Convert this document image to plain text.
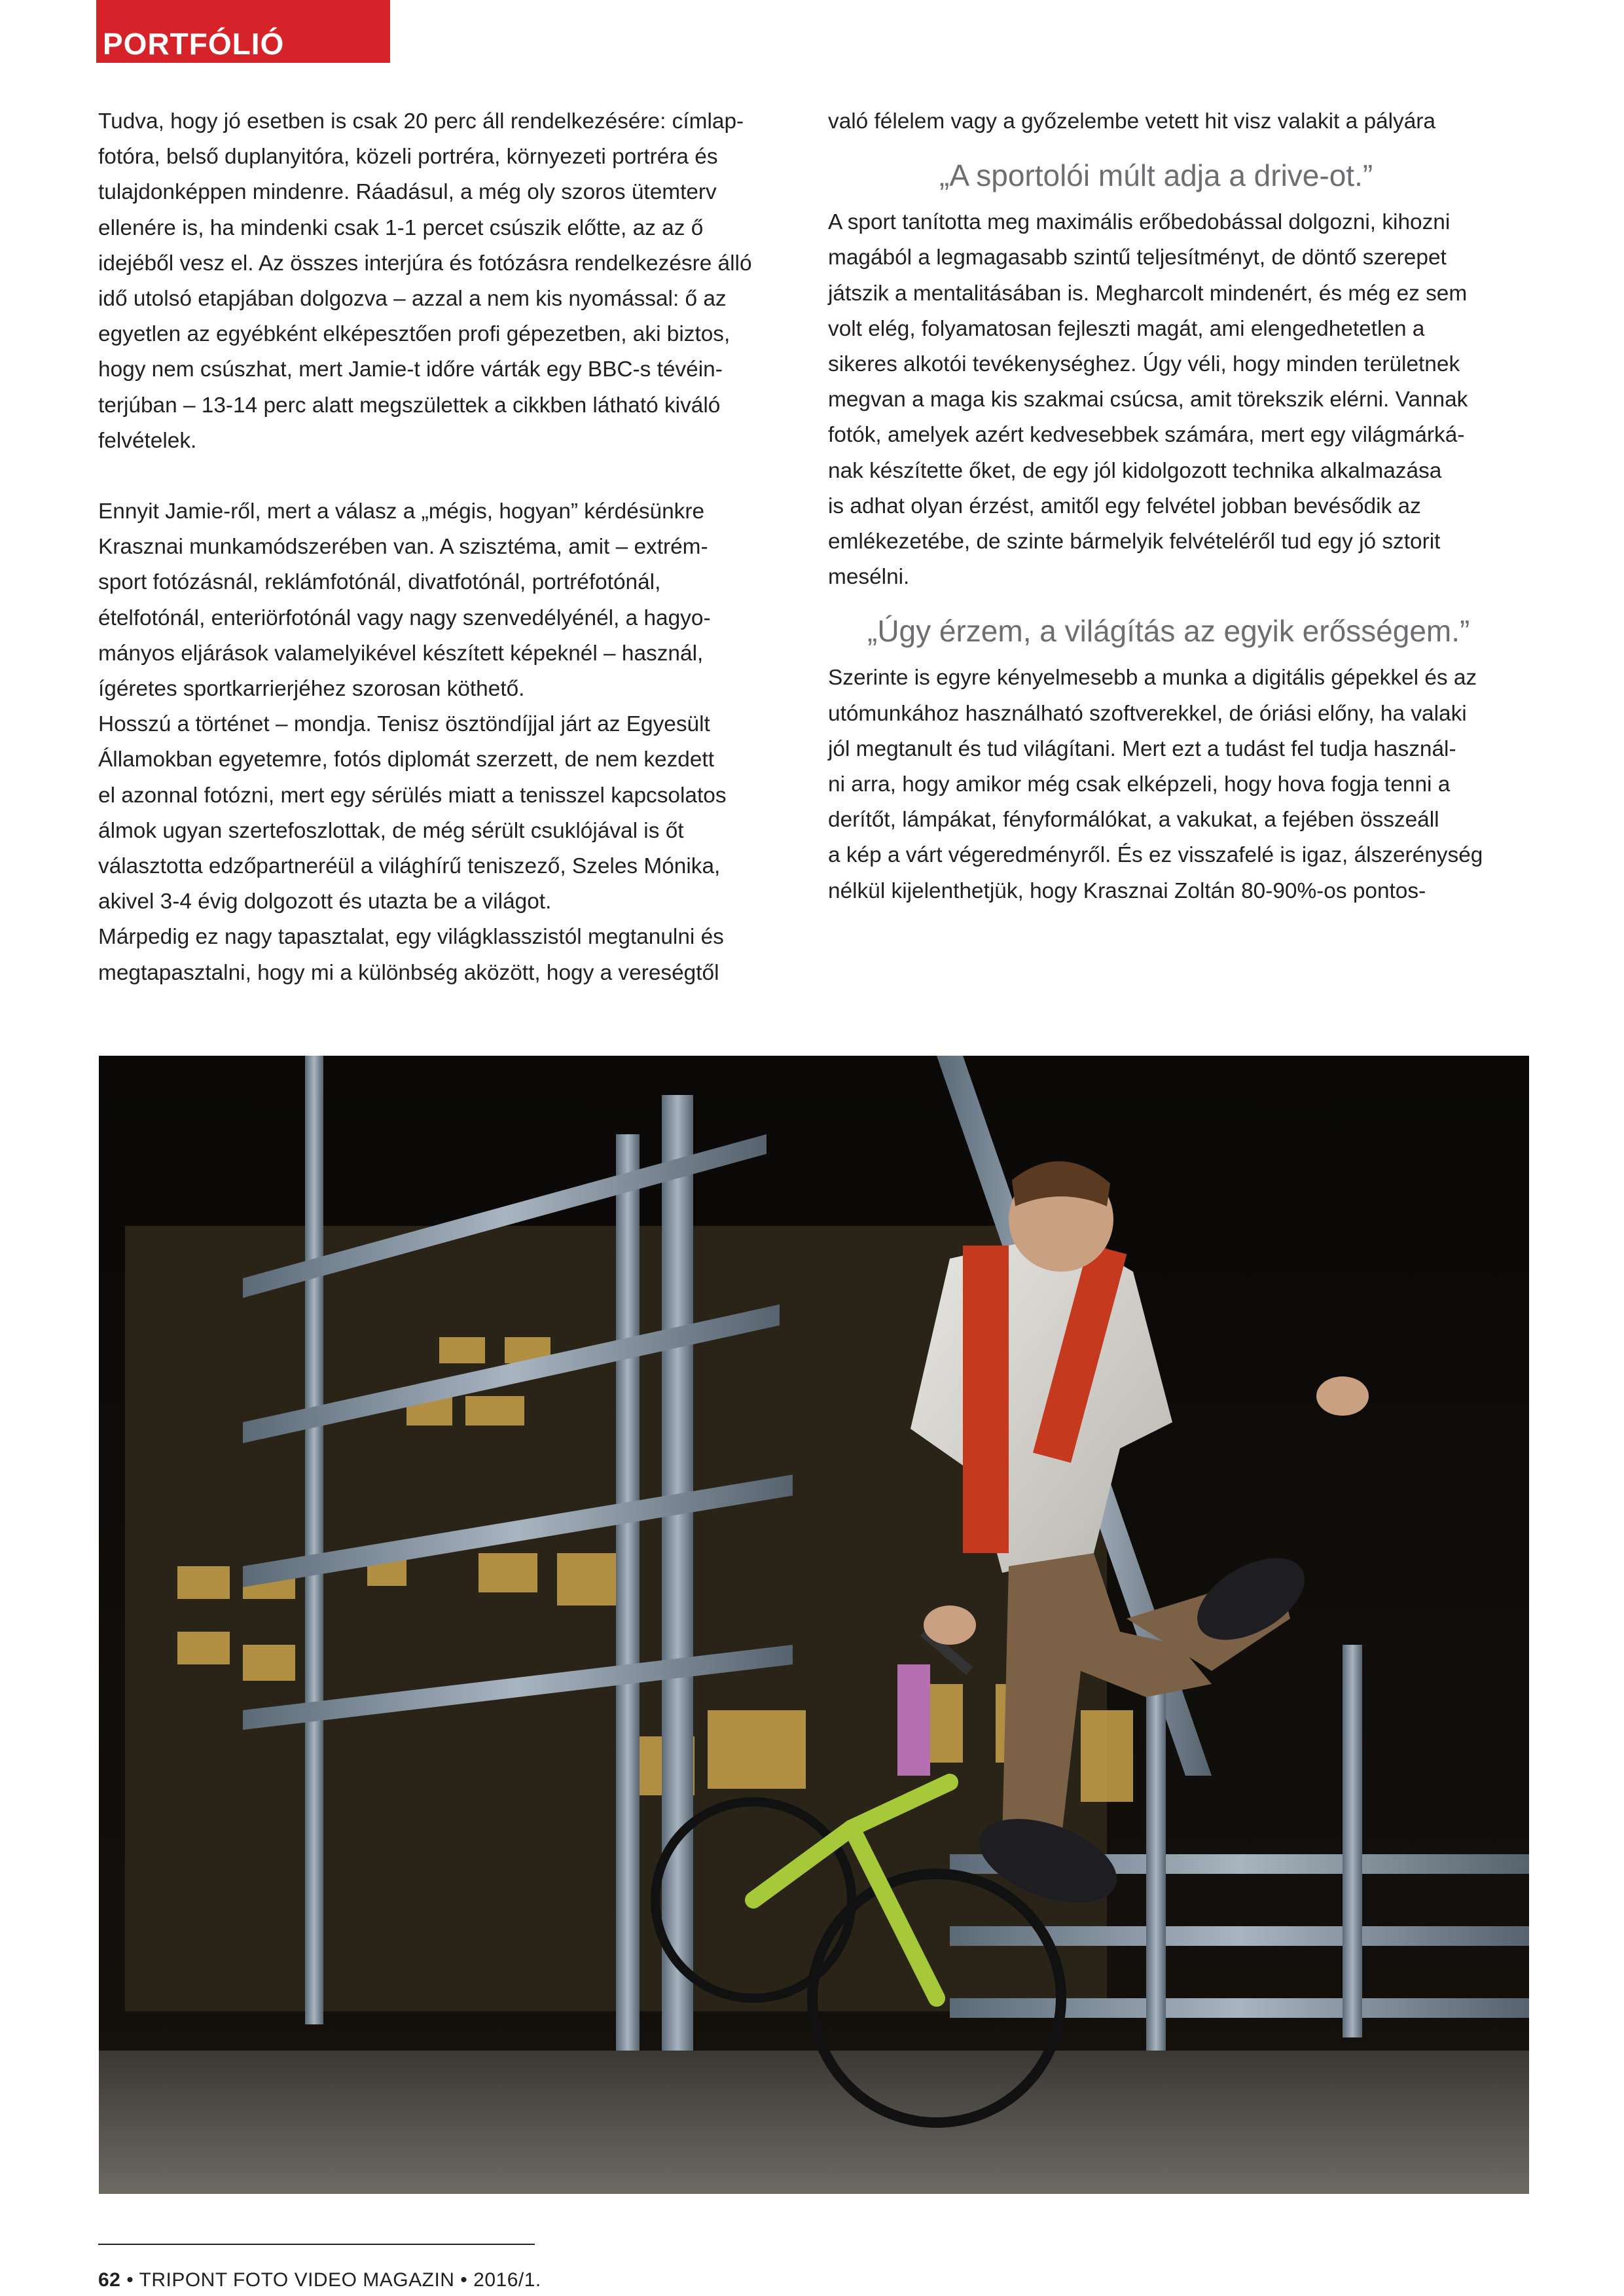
PORTFÓLIÓ

Tudva, hogy jó esetben is csak 20 perc áll rendelkezésére: címlap-

fotóra, belső duplanyitóra, közeli portréra, környezeti portréra és

tulajdonképpen mindenre. Ráadásul, a még oly szoros ütemterv

ellenére is, ha mindenki csak 1-1 percet csúszik előtte, az az ő

idejéből vesz el. Az összes interjúra és fotózásra rendelkezésre álló

idő utolsó etapjában dolgozva – azzal a nem kis nyomással: ő az

egyetlen az egyébként elképesztően profi gépezetben, aki biztos,

hogy nem csúszhat, mert Jamie-t időre várták egy BBC-s tévéin-

terjúban – 13-14 perc alatt megszülettek a cikkben látható kiváló

felvételek.

Ennyit Jamie-ről, mert a válasz a „mégis, hogyan” kérdésünkre

Krasznai munkamódszerében van. A szisztéma, amit – extrém-

sport fotózásnál, reklámfotónál, divatfotónál, portréfotónál,

ételfotónál, enteriörfotónál vagy nagy szenvedélyénél, a hagyo-

mányos eljárások valamelyikével készített képeknél – használ,

ígéretes sportkarrierjéhez szorosan köthető.

Hosszú a történet – mondja. Tenisz ösztöndíjjal járt az Egyesült

Államokban egyetemre, fotós diplomát szerzett, de nem kezdett

el azonnal fotózni, mert egy sérülés miatt a tenisszel kapcsolatos

álmok ugyan szertefoszlottak, de még sérült csuklójával is őt

választotta edzőpartneréül a világhírű teniszező, Szeles Mónika,

akivel 3-4 évig dolgozott és utazta be a világot.

Márpedig ez nagy tapasztalat, egy világklasszistól megtanulni és

megtapasztalni, hogy mi a különbség aközött, hogy a vereségtől

való félelem vagy a győzelembe vetett hit visz valakit a pályára

„A sportolói múlt adja a drive-ot.”

A sport tanította meg maximális erőbedobással dolgozni, kihozni

magából a legmagasabb szintű teljesítményt, de döntő szerepet

játszik a mentalitásában is. Megharcolt mindenért, és még ez sem

volt elég, folyamatosan fejleszti magát, ami elengedhetetlen a

sikeres alkotói tevékenységhez. Úgy véli, hogy minden területnek

megvan a maga kis szakmai csúcsa, amit törekszik elérni. Vannak

fotók, amelyek azért kedvesebbek számára, mert egy világmárká-

nak készítette őket, de egy jól kidolgozott technika alkalmazása

is adhat olyan érzést, amitől egy felvétel jobban bevésődik az

emlékezetébe, de szinte bármelyik felvételéről tud egy jó sztorit

mesélni.

„Úgy érzem, a világítás az egyik erősségem.”

Szerinte is egyre kényelmesebb a munka a digitális gépekkel és az

utómunkához használható szoftverekkel, de óriási előny, ha valaki

jól megtanult és tud világítani. Mert ezt a tudást fel tudja használ-

ni arra, hogy amikor még csak elképzeli, hogy hova fogja tenni a

derítőt, lámpákat, fényformálókat, a vakukat, a fejében összeáll

a kép a várt végeredményről. És ez visszafelé is igaz, álszerénység

nélkül kijelenthetjük, hogy Krasznai Zoltán 80-90%-os pontos-

62 • TRIPONT FOTO VIDEO MAGAZIN • 2016/1.
